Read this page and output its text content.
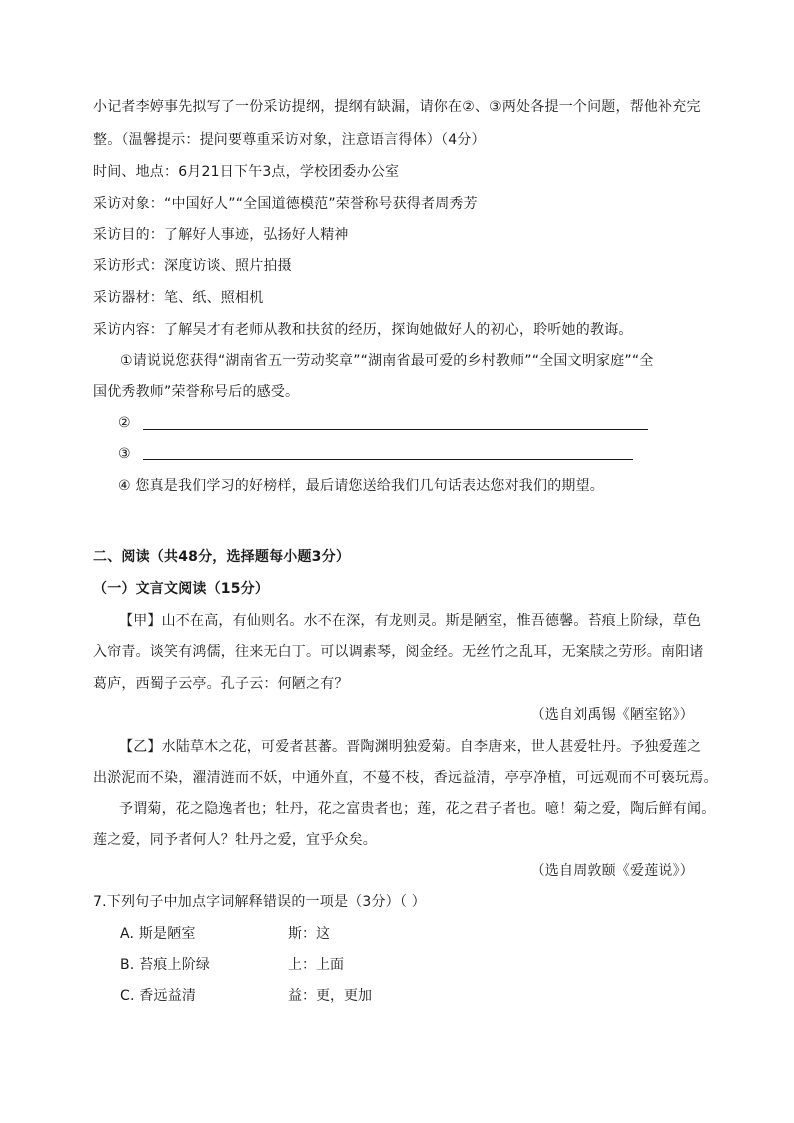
小记者李婷事先拟写了一份采访提纲，提纲有缺漏，请你在②、③两处各提一个问题，帮他补充完
整。（温馨提示：提问要尊重采访对象，注意语言得体）（4分）
时间、地点：6月21日下午3点，学校团委办公室
采访对象：“中国好人”“全国道德模范”荣誉称号获得者周秀芳
采访目的：了解好人事迹，弘扬好人精神
采访形式：深度访谈、照片拍摄
采访器材：笔、纸、照相机
采访内容：了解吴才有老师从教和扶贫的经历，探询她做好人的初心，聆听她的教诲。
①请说说您获得“湖南省五一劳动奖章”“湖南省最可爱的乡村教师”“全国文明家庭”“全
国优秀教师”荣誉称号后的感受。
②
③
④ 您真是我们学习的好榜样，最后请您送给我们几句话表达您对我们的期望。
二、阅读（共48分，选择题每小题3分）
（一）文言文阅读（15分）
【甲】山不在高，有仙则名。水不在深，有龙则灵。斯是陋室，惟吾德馨。苔痕上阶绿，草色
入帘青。谈笑有鸿儒，往来无白丁。可以调素琴，阅金经。无丝竹之乱耳，无案牍之劳形。南阳诸
葛庐，西蜀子云亭。孔子云：何陋之有？
（选自刘禹锡《陋室铭》）
【乙】水陆草木之花，可爱者甚蕃。晋陶渊明独爱菊。自李唐来，世人甚爱牡丹。予独爱莲之
出淤泥而不染，濯清涟而不妖，中通外直，不蔓不枝，香远益清，亭亭净植，可远观而不可亵玩焉。
予谓菊，花之隐逸者也；牡丹，花之富贵者也；莲，花之君子者也。噫！菊之爱，陶后鲜有闻。
莲之爱，同予者何人？牡丹之爱，宜乎众矣。
（选自周敦颐《爱莲说》）
7.下列句子中加点字词解释错误的一项是（3分）（ ）
A. 斯是陋室	斯：这
B. 苔痕上阶绿	上：上面
C. 香远益清	益：更，更加
